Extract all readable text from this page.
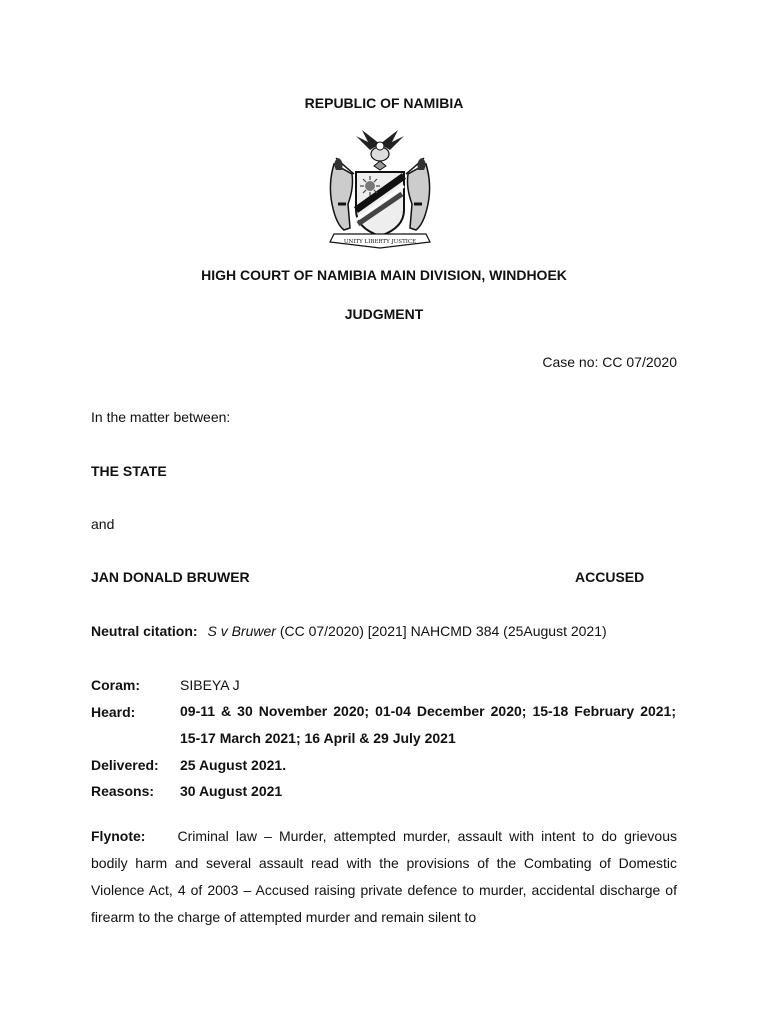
REPUBLIC OF NAMIBIA
UNITY LIBERTY JUSTICE
HIGH COURT OF NAMIBIA MAIN DIVISION, WINDHOEK
JUDGMENT
Case no: CC 07/2020
In the matter between:
THE STATE
and
JAN DONALD BRUWER	ACCUSED
Neutral citation: S v Bruwer (CC 07/2020) [2021] NAHCMD 384 (25August 2021)
Coram:	SIBEYA J
Heard:	09-11 & 30 November 2020; 01-04 December 2020; 15-18 February 2021; 15-17 March 2021; 16 April & 29 July 2021
Delivered: 25 August 2021.
Reasons: 30 August 2021
Flynote: Criminal law – Murder, attempted murder, assault with intent to do grievous bodily harm and several assault read with the provisions of the Combating of Domestic Violence Act, 4 of 2003 – Accused raising private defence to murder, accidental discharge of firearm to the charge of attempted murder and remain silent to
